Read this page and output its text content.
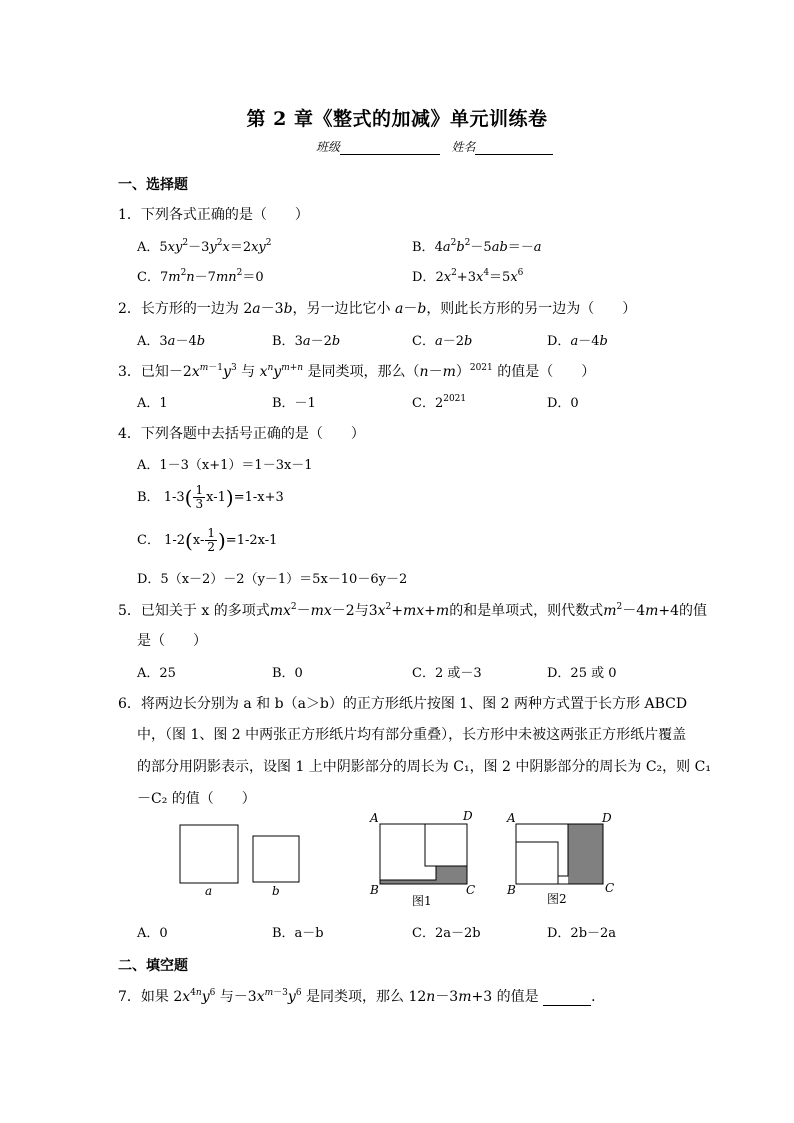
第 2 章《整式的加减》单元训练卷
班级	姓名
一、选择题
1．下列各式正确的是（　　）
A．$5xy^2-3y^2x=2xy^2$	B．$4a^2b^2-5ab=-a$
C．$7m^2n-7mn^2=0$	D．$2x^2+3x^4=5x^6$
2．长方形的一边为 2a－3b，另一边比它小 a－b，则此长方形的另一边为（　　）
A．3a－4b	B．3a－2b	C．a－2b	D．a－4b
3．已知$-2x^{m-1}y^3$ 与 $x^ny^{m+n}$ 是同类项，那么$(n-m)^{2021}$ 的值是（　　）
A．1	B．－1	C．$2^{2021}$	D．0
4．下列各题中去括号正确的是（　　）
A．1－3（x+1）＝1－3x－1
B． $1-3( \frac{1}{3} x-1)=1-x+3$
C． $1-2(x- \frac{1}{2} )=1-2x-1$
D．5（x－2）－2（y－1）＝5x－10－6y－2
5．已知关于 x 的多项式$mx^2-mx-2$与$3x^2+mx+m$的和是单项式，则代数式$m^2-4m+4$的值
是（　　）
A．25	B．0	C．2 或－3	D．25 或 0
6．将两边长分别为 a 和 b（a＞b）的正方形纸片按图 1、图 2 两种方式置于长方形 ABCD
中，（图 1、图 2 中两张正方形纸片均有部分重叠），长方形中未被这两张正方形纸片覆盖
的部分用阴影表示，设图 1 上中阴影部分的周长为 C₁，图 2 中阴影部分的周长为 C₂，则 C₁
－C₂ 的值（　　）
a	b
A	D
B	C
图1
A	D
B	C
图2
A．0	B．a－b	C．2a－2b	D．2b－2a
二、填空题
7．如果 $2x^{4n}y^6$ 与$-3x^{m-3}y^6$ 是同类项，那么 12n－3m+3 的值是	．
